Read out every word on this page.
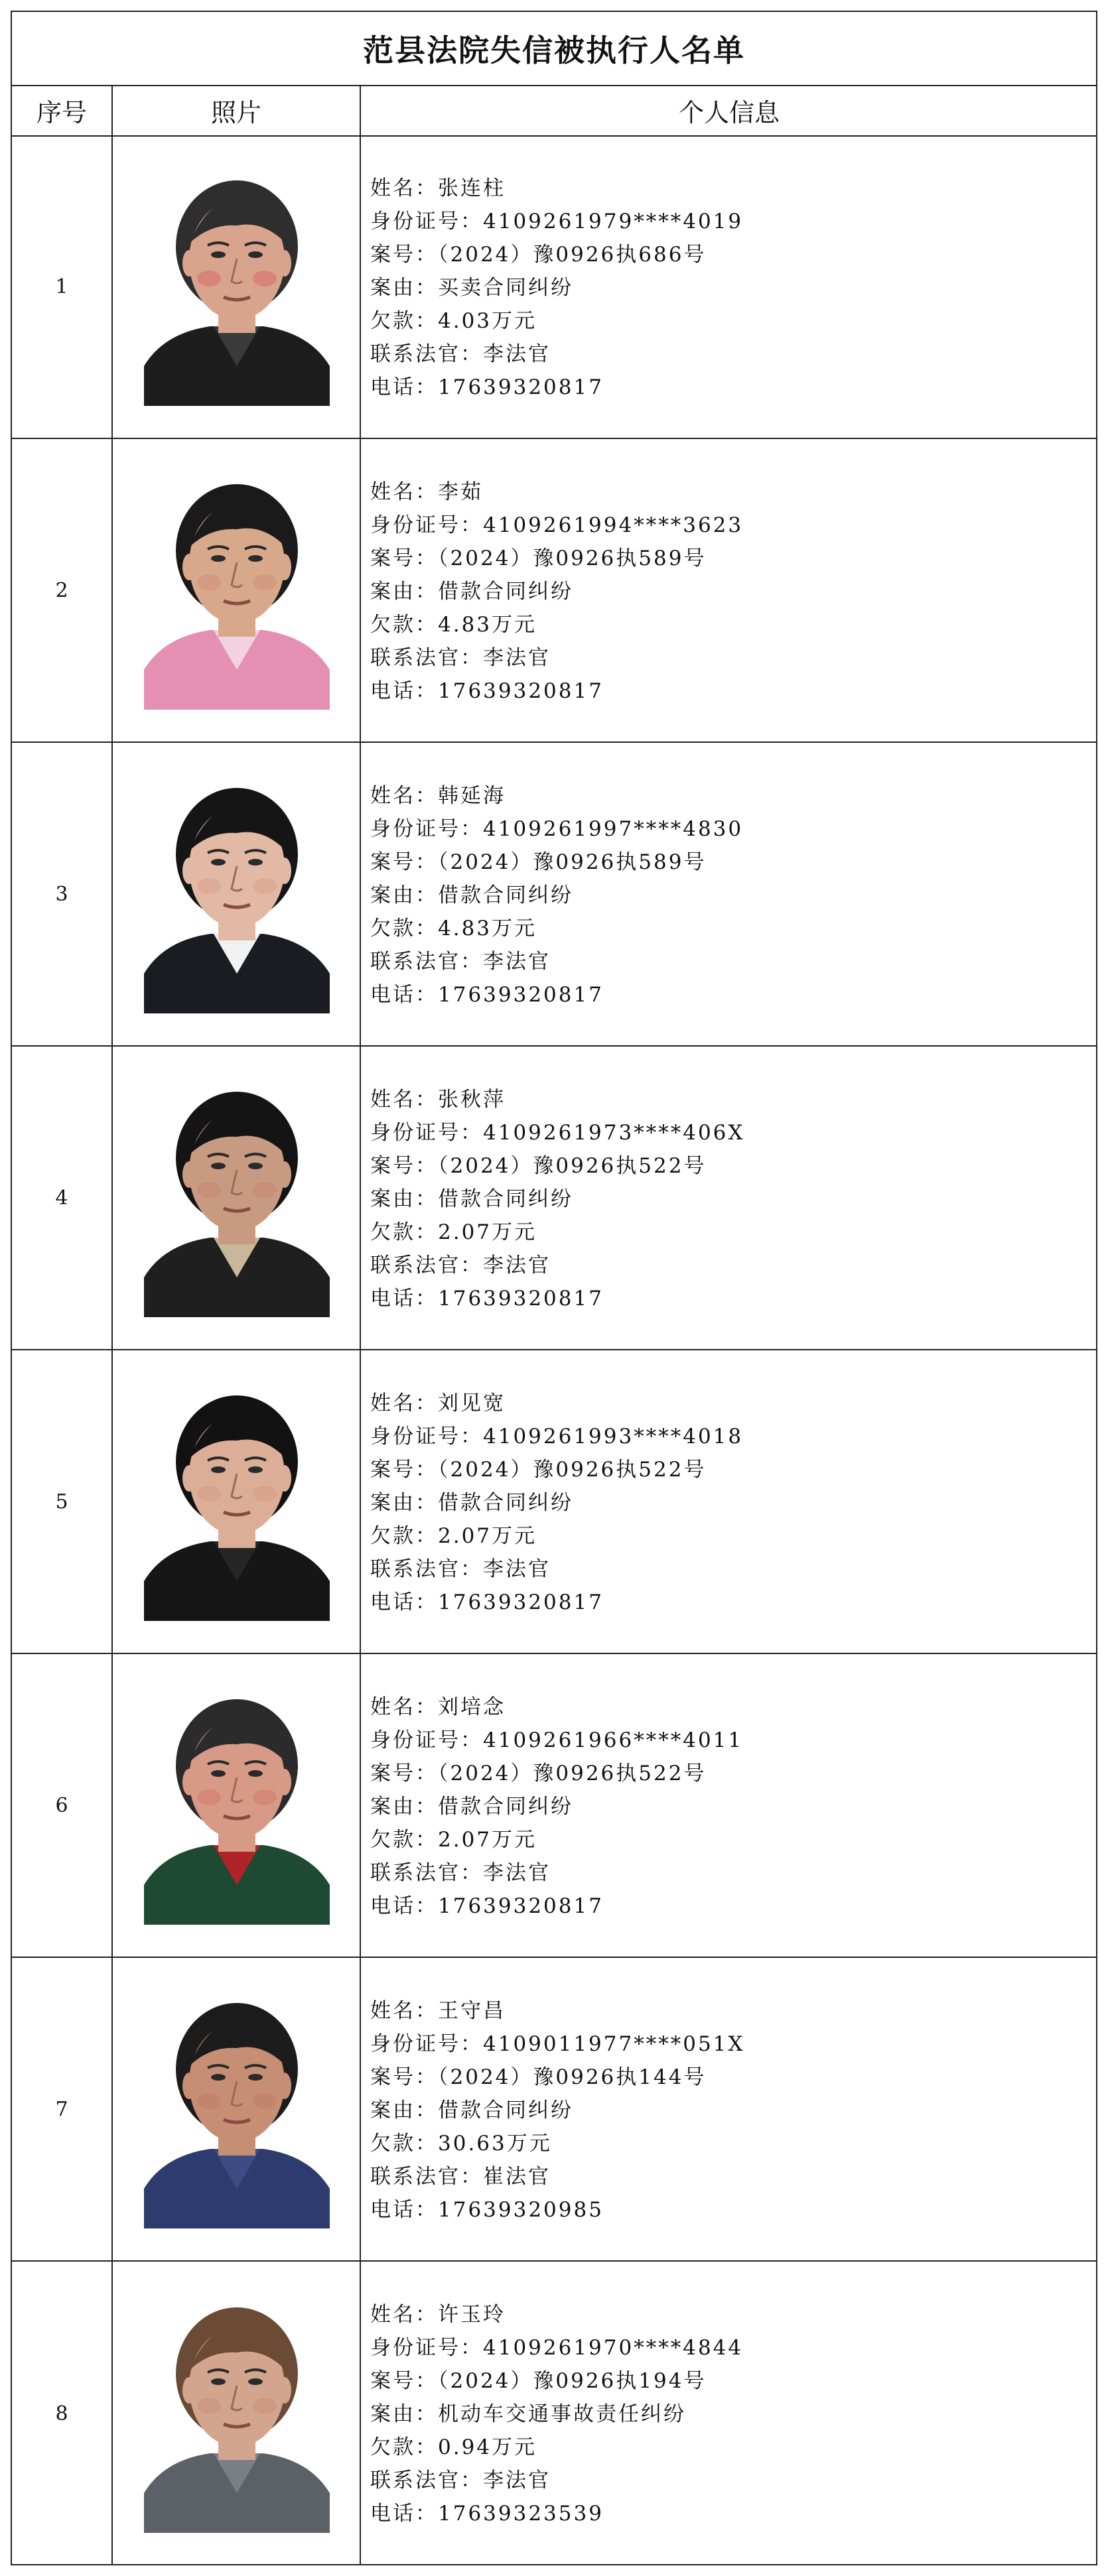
范县法院失信被执行人名单
序号	照片	个人信息
1
姓名：张连柱
身份证号：4109261979****4019
案号：（2024）豫0926执686号
案由：买卖合同纠纷
欠款：4.03万元
联系法官：李法官
电话：17639320817
2
姓名：李茹
身份证号：4109261994****3623
案号：（2024）豫0926执589号
案由：借款合同纠纷
欠款：4.83万元
联系法官：李法官
电话：17639320817
3
姓名：韩延海
身份证号：4109261997****4830
案号：（2024）豫0926执589号
案由：借款合同纠纷
欠款：4.83万元
联系法官：李法官
电话：17639320817
4
姓名：张秋萍
身份证号：4109261973****406X
案号：（2024）豫0926执522号
案由：借款合同纠纷
欠款：2.07万元
联系法官：李法官
电话：17639320817
5
姓名：刘见宽
身份证号：4109261993****4018
案号：（2024）豫0926执522号
案由：借款合同纠纷
欠款：2.07万元
联系法官：李法官
电话：17639320817
6
姓名：刘培念
身份证号：4109261966****4011
案号：（2024）豫0926执522号
案由：借款合同纠纷
欠款：2.07万元
联系法官：李法官
电话：17639320817
7
姓名：王守昌
身份证号：4109011977****051X
案号：（2024）豫0926执144号
案由：借款合同纠纷
欠款：30.63万元
联系法官：崔法官
电话：17639320985
8
姓名：许玉玲
身份证号：4109261970****4844
案号：（2024）豫0926执194号
案由：机动车交通事故责任纠纷
欠款：0.94万元
联系法官：李法官
电话：17639323539
